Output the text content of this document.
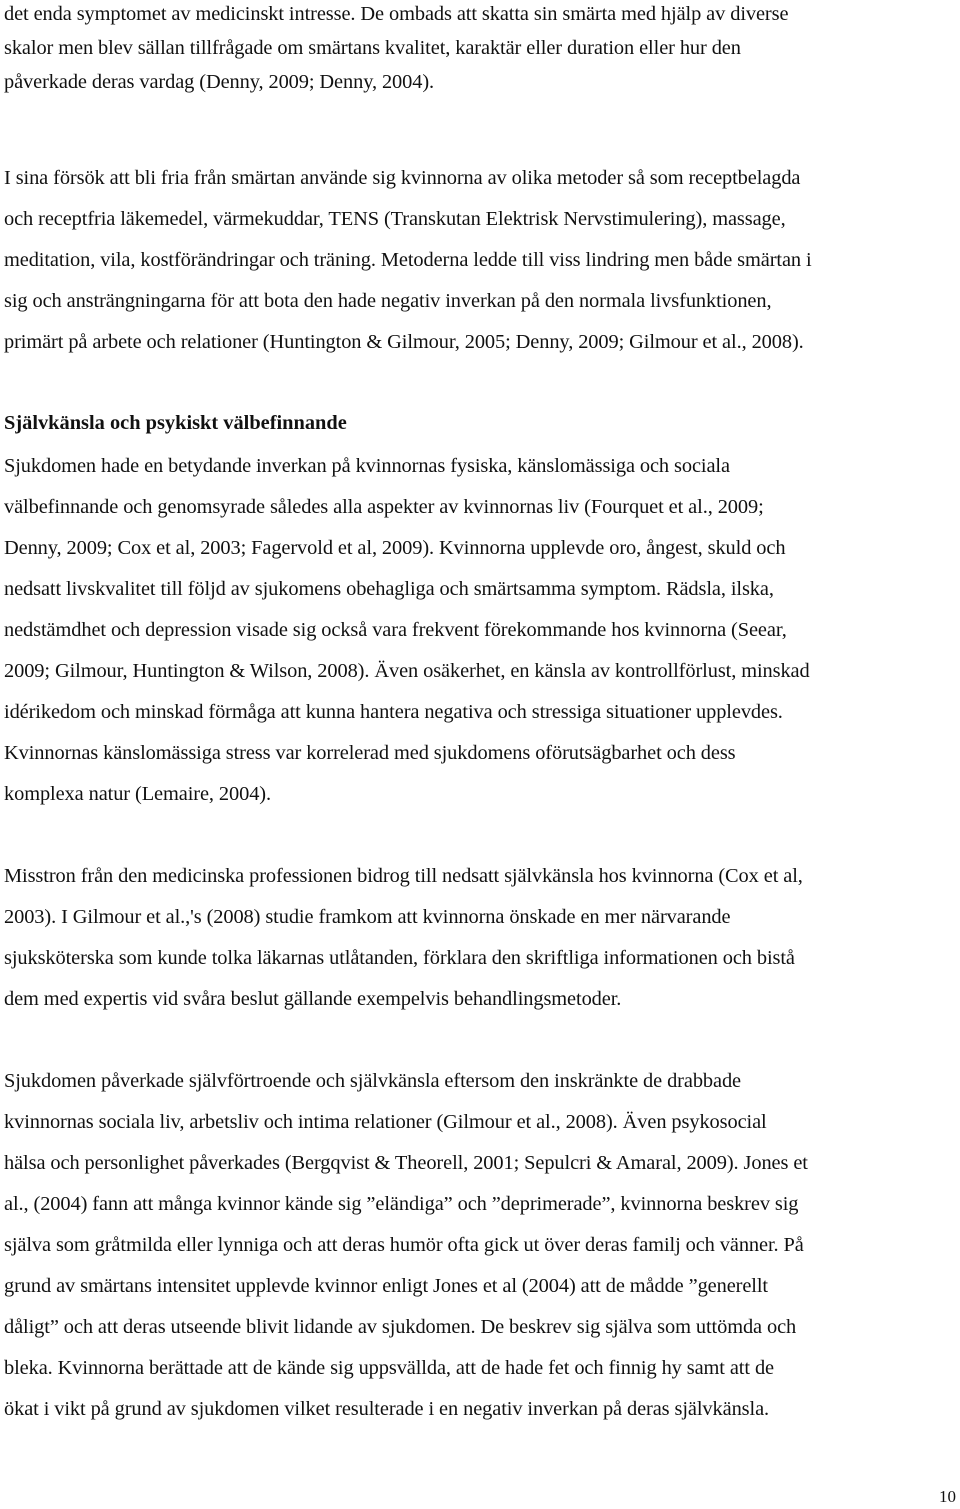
det enda symptomet av medicinskt intresse. De ombads att skatta sin smärta med hjälp av diverse
skalor men blev sällan tillfrågade om smärtans kvalitet, karaktär eller duration eller hur den
påverkade deras vardag (Denny, 2009; Denny, 2004).

I sina försök att bli fria från smärtan använde sig kvinnorna av olika metoder så som receptbelagda
och receptfria läkemedel, värmekuddar, TENS (Transkutan Elektrisk Nervstimulering), massage,
meditation, vila, kostförändringar och träning. Metoderna ledde till viss lindring men både smärtan i
sig och ansträngningarna för att bota den hade negativ inverkan på den normala livsfunktionen,
primärt på arbete och relationer (Huntington & Gilmour, 2005; Denny, 2009; Gilmour et al., 2008).

Självkänsla och psykiskt välbefinnande

Sjukdomen hade en betydande inverkan på kvinnornas fysiska, känslomässiga och sociala
välbefinnande och genomsyrade således alla aspekter av kvinnornas liv (Fourquet et al., 2009;
Denny, 2009; Cox et al, 2003; Fagervold et al, 2009). Kvinnorna upplevde oro, ångest, skuld och
nedsatt livskvalitet till följd av sjukomens obehagliga och smärtsamma symptom. Rädsla, ilska,
nedstämdhet och depression visade sig också vara frekvent förekommande hos kvinnorna (Seear,
2009; Gilmour, Huntington & Wilson, 2008). Även osäkerhet, en känsla av kontrollförlust, minskad
idérikedom och minskad förmåga att kunna hantera negativa och stressiga situationer upplevdes.
Kvinnornas känslomässiga stress var korrelerad med sjukdomens oförutsägbarhet och dess
komplexa natur (Lemaire, 2004).

Misstron från den medicinska professionen bidrog till nedsatt självkänsla hos kvinnorna (Cox et al,
2003). I Gilmour et al.,'s (2008) studie framkom att kvinnorna önskade en mer närvarande
sjuksköterska som kunde tolka läkarnas utlåtanden, förklara den skriftliga informationen och bistå
dem med expertis vid svåra beslut gällande exempelvis behandlingsmetoder.

Sjukdomen påverkade självförtroende och självkänsla eftersom den inskränkte de drabbade
kvinnornas sociala liv, arbetsliv och intima relationer (Gilmour et al., 2008). Även psykosocial
hälsa och personlighet påverkades (Bergqvist & Theorell, 2001; Sepulcri & Amaral, 2009). Jones et
al., (2004) fann att många kvinnor kände sig ”eländiga” och ”deprimerade”, kvinnorna beskrev sig
själva som gråtmilda eller lynniga och att deras humör ofta gick ut över deras familj och vänner. På
grund av smärtans intensitet upplevde kvinnor enligt Jones et al (2004) att de mådde ”generellt
dåligt” och att deras utseende blivit lidande av sjukdomen. De beskrev sig själva som uttömda och
bleka. Kvinnorna berättade att de kände sig uppsvällda, att de hade fet och finnig hy samt att de
ökat i vikt på grund av sjukdomen vilket resulterade i en negativ inverkan på deras självkänsla.

10
